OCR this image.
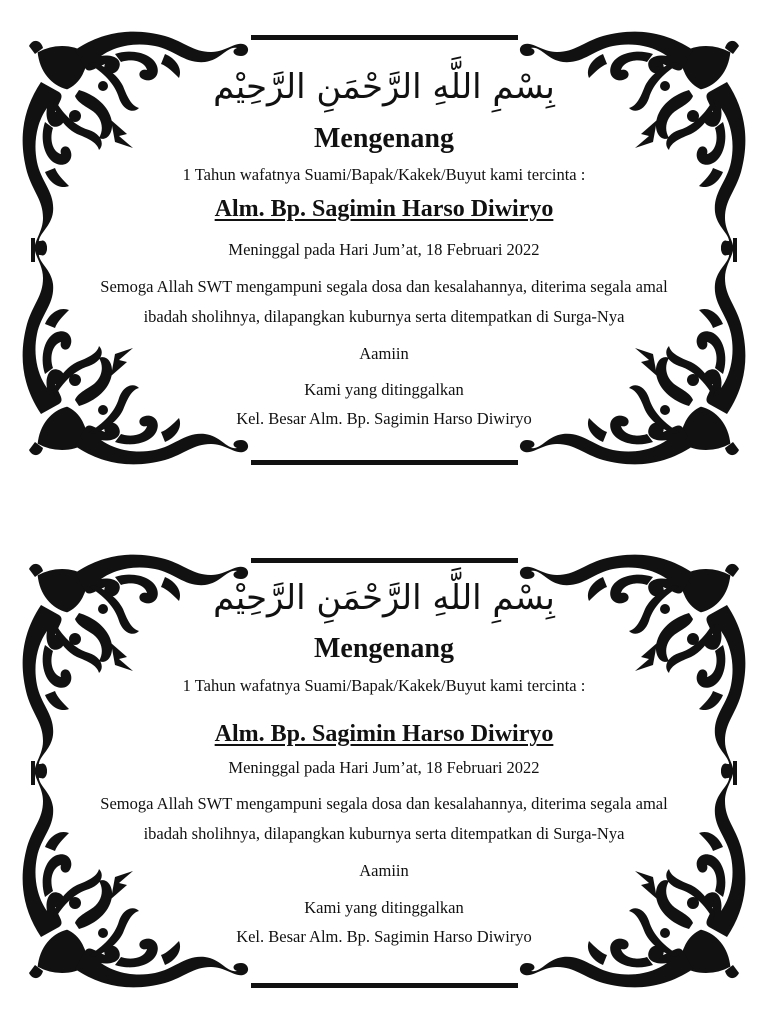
بِسْمِ اللَّهِ الرَّحْمَنِ الرَّحِيْم
Mengenang
1 Tahun wafatnya Suami/Bapak/Kakek/Buyut kami tercinta :
Alm. Bp. Sagimin Harso Diwiryo
Meninggal pada Hari Jum’at, 18 Februari 2022
Semoga Allah SWT mengampuni segala dosa dan kesalahannya, diterima segala amal
ibadah sholihnya, dilapangkan kuburnya serta ditempatkan di Surga-Nya
Aamiin
Kami yang ditinggalkan
Kel. Besar Alm. Bp. Sagimin Harso Diwiryo
بِسْمِ اللَّهِ الرَّحْمَنِ الرَّحِيْم
Mengenang
1 Tahun wafatnya Suami/Bapak/Kakek/Buyut kami tercinta :
Alm. Bp. Sagimin Harso Diwiryo
Meninggal pada Hari Jum’at, 18 Februari 2022
Semoga Allah SWT mengampuni segala dosa dan kesalahannya, diterima segala amal
ibadah sholihnya, dilapangkan kuburnya serta ditempatkan di Surga-Nya
Aamiin
Kami yang ditinggalkan
Kel. Besar Alm. Bp. Sagimin Harso Diwiryo
